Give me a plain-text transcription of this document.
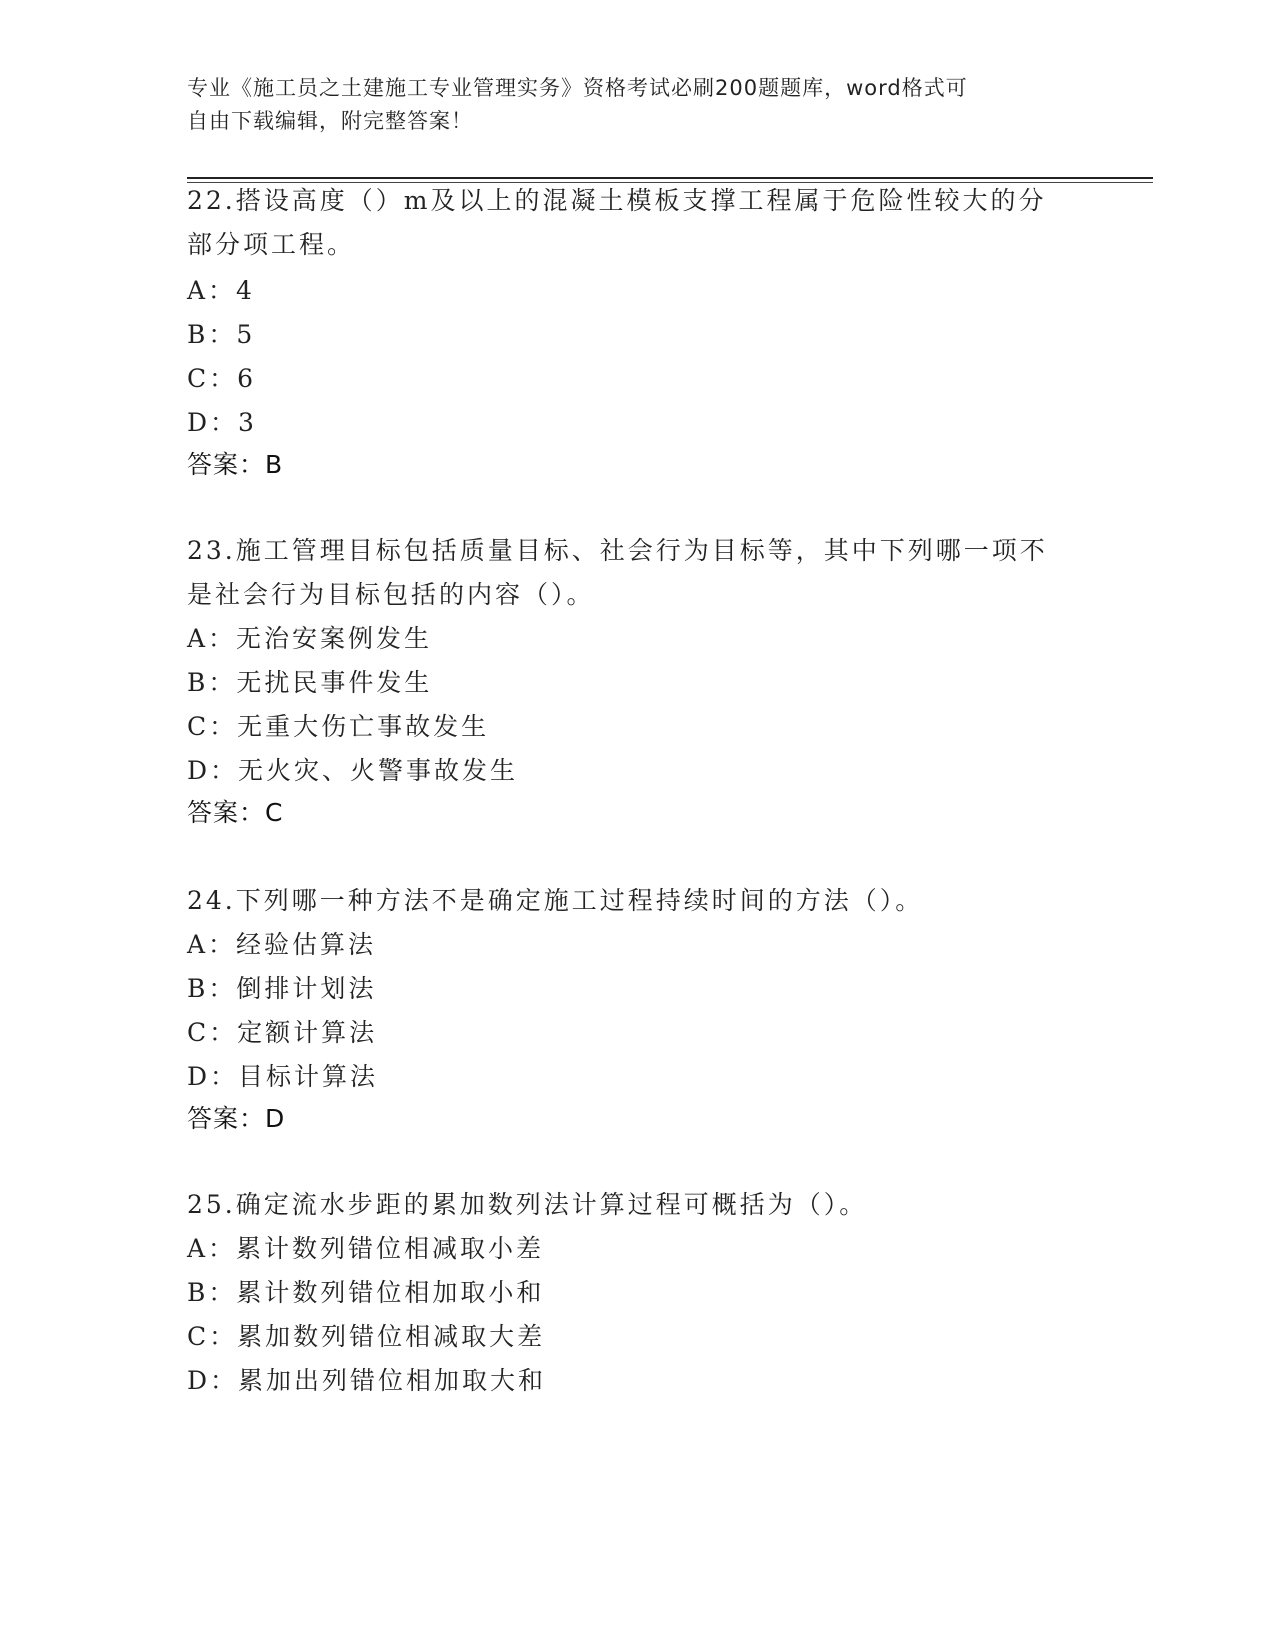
专业《施工员之土建施工专业管理实务》资格考试必刷200题题库，word格式可
自由下载编辑，附完整答案！
22.搭设高度（）m及以上的混凝土模板支撑工程属于危险性较大的分
部分项工程。
A：4
B：5
C：6
D：3
答案：B
23.施工管理目标包括质量目标、社会行为目标等，其中下列哪一项不
是社会行为目标包括的内容（）。
A：无治安案例发生
B：无扰民事件发生
C：无重大伤亡事故发生
D：无火灾、火警事故发生
答案：C
24.下列哪一种方法不是确定施工过程持续时间的方法（）。
A：经验估算法
B：倒排计划法
C：定额计算法
D：目标计算法
答案：D
25.确定流水步距的累加数列法计算过程可概括为（）。
A：累计数列错位相减取小差
B：累计数列错位相加取小和
C：累加数列错位相减取大差
D：累加出列错位相加取大和
